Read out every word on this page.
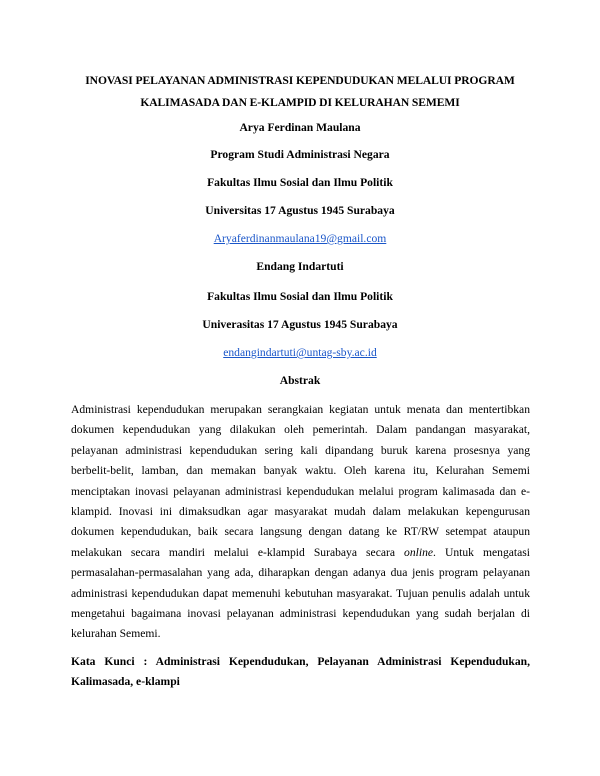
INOVASI PELAYANAN ADMINISTRASI KEPENDUDUKAN MELALUI PROGRAM
KALIMASADA DAN E-KLAMPID DI KELURAHAN SEMEMI
Arya Ferdinan Maulana
Program Studi Administrasi Negara
Fakultas Ilmu Sosial dan Ilmu Politik
Universitas 17 Agustus 1945 Surabaya
Aryaferdinanmaulana19@gmail.com
Endang Indartuti
Fakultas Ilmu Sosial dan Ilmu Politik
Univerasitas 17 Agustus 1945 Surabaya
endangindartuti@untag-sby.ac.id
Abstrak
Administrasi kependudukan merupakan serangkaian kegiatan untuk menata dan mentertibkan
dokumen kependudukan yang dilakukan oleh pemerintah. Dalam pandangan masyarakat,
pelayanan administrasi kependudukan sering kali dipandang buruk karena prosesnya yang
berbelit-belit, lamban, dan memakan banyak waktu. Oleh karena itu, Kelurahan Sememi
menciptakan inovasi pelayanan administrasi kependudukan melalui program kalimasada dan e-
klampid. Inovasi ini dimaksudkan agar masyarakat mudah dalam melakukan kepengurusan
dokumen kependudukan, baik secara langsung dengan datang ke RT/RW setempat ataupun
melakukan secara mandiri melalui e-klampid Surabaya secara online. Untuk mengatasi
permasalahan-permasalahan yang ada, diharapkan dengan adanya dua jenis program pelayanan
administrasi kependudukan dapat memenuhi kebutuhan masyarakat. Tujuan penulis adalah untuk
mengetahui bagaimana inovasi pelayanan administrasi kependudukan yang sudah berjalan di
kelurahan Sememi.
Kata Kunci : Administrasi Kependudukan, Pelayanan Administrasi Kependudukan,
Kalimasada, e-klampi
